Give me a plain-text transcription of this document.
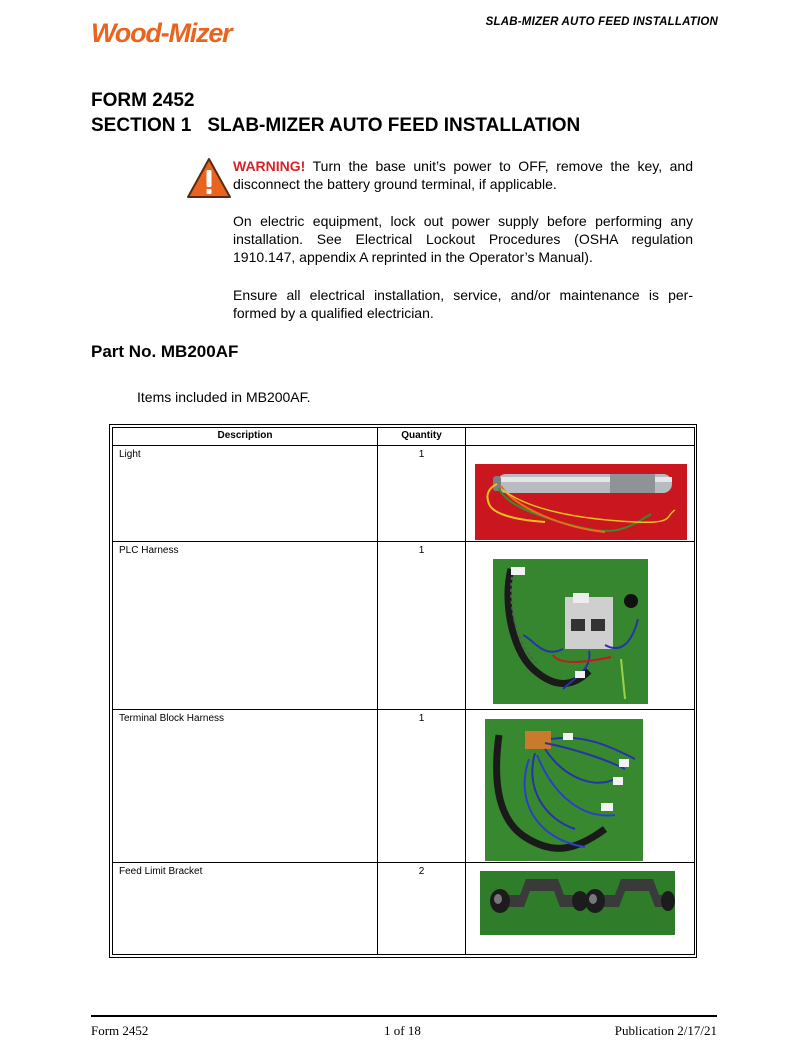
Wood-Mizer	SLAB-MIZER AUTO FEED INSTALLATION
FORM 2452
SECTION 1 SLAB-MIZER AUTO FEED INSTALLATION

WARNING! Turn the base unit’s power to OFF, remove the key, and disconnect the battery ground terminal, if applicable.

On electric equipment, lock out power supply before performing any installation. See Electrical Lockout Procedures (OSHA regulation 1910.147, appendix A reprinted in the Operator’s Manual).

Ensure all electrical installation, service, and/or maintenance is per-formed by a qualified electrician.

Part No. MB200AF

Items included in MB200AF.

Description	Quantity	
Light	1	

PLC Harness	1	

Terminal Block Harness	1	

Feed Limit Bracket	2	
Form 2452	1 of 18	Publication 2/17/21
